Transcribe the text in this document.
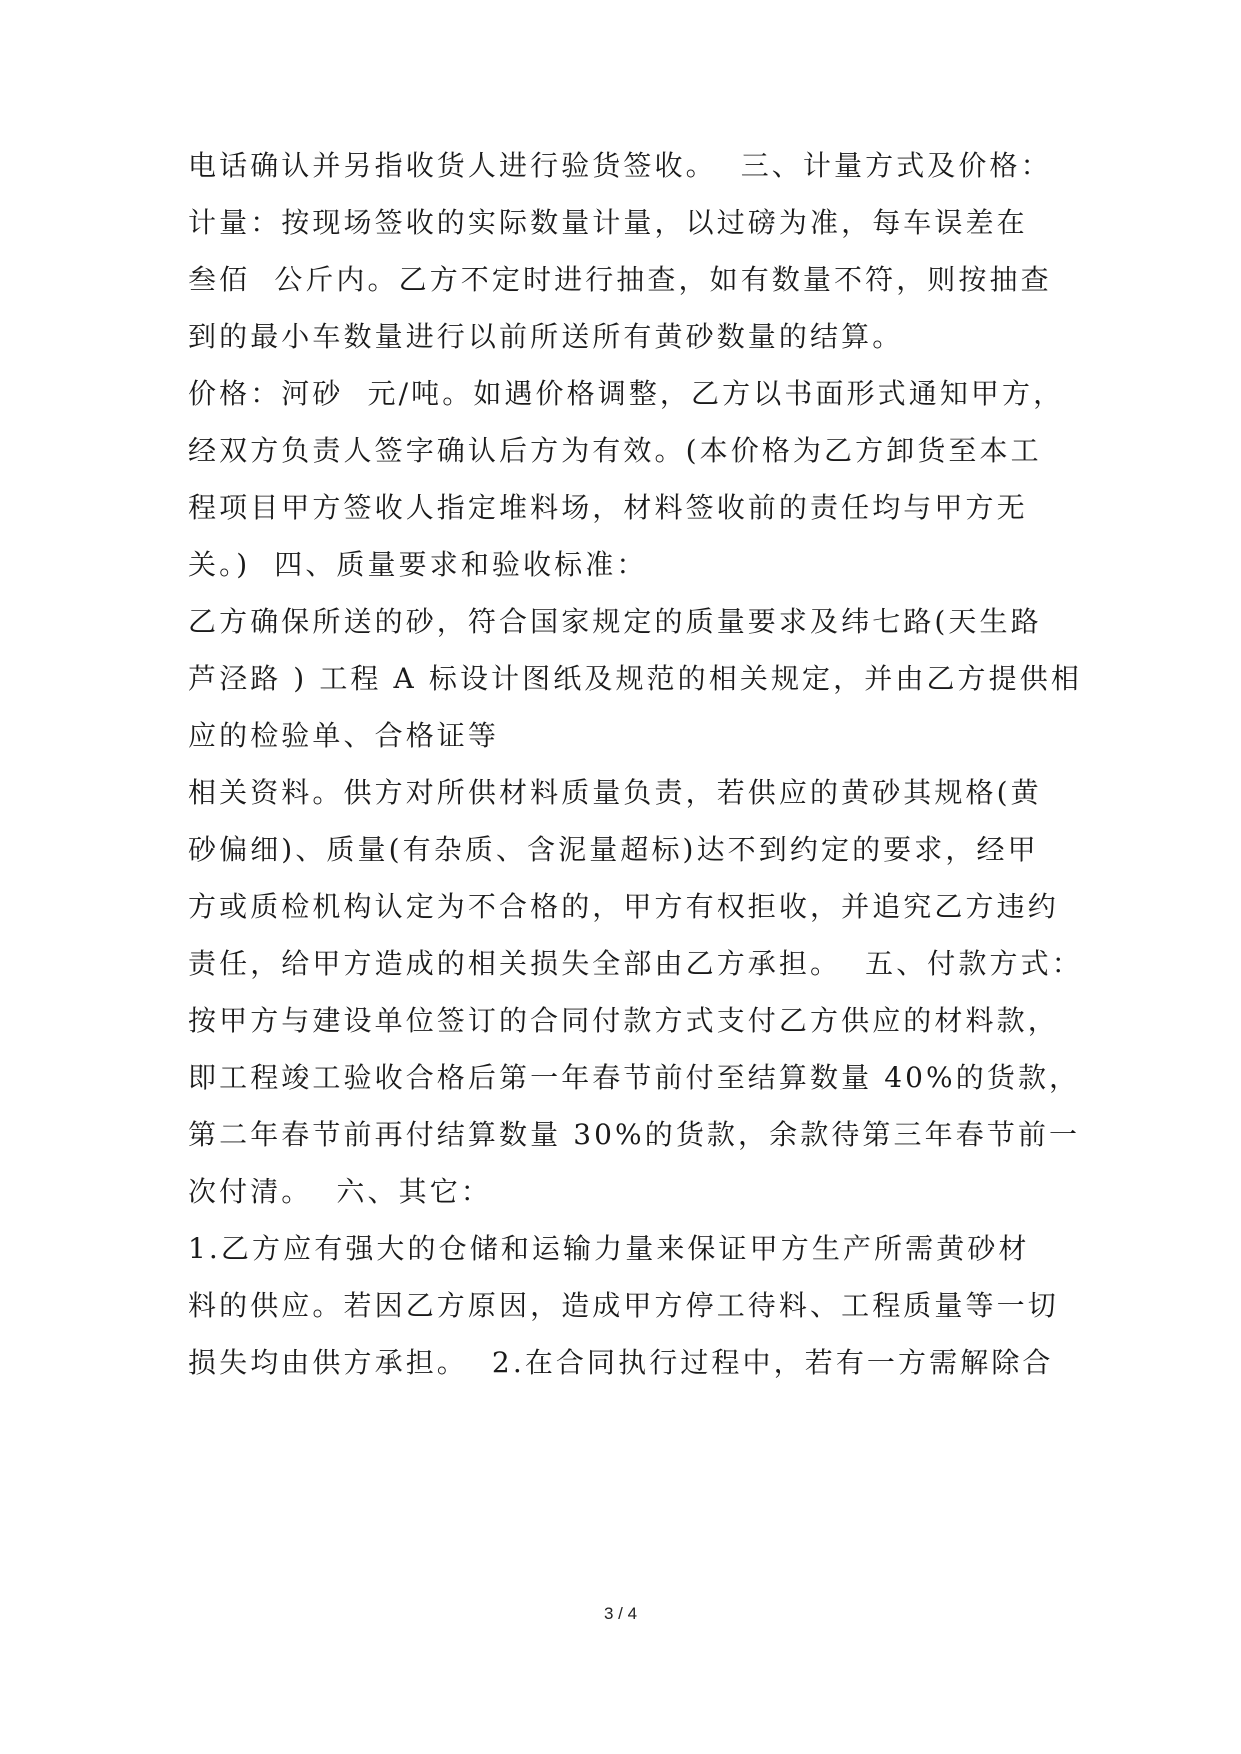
电话确认并另指收货人进行验货签收。  三、计量方式及价格：
计量：按现场签收的实际数量计量，以过磅为准，每车误差在
叁佰  公斤内。乙方不定时进行抽查，如有数量不符，则按抽查
到的最小车数量进行以前所送所有黄砂数量的结算。
价格：河砂  元/吨。如遇价格调整，乙方以书面形式通知甲方，
经双方负责人签字确认后方为有效。(本价格为乙方卸货至本工
程项目甲方签收人指定堆料场，材料签收前的责任均与甲方无
关。)  四、质量要求和验收标准：
乙方确保所送的砂，符合国家规定的质量要求及纬七路(天生路
芦泾路 ) 工程 A 标设计图纸及规范的相关规定，并由乙方提供相
应的检验单、合格证等
相关资料。供方对所供材料质量负责，若供应的黄砂其规格(黄
砂偏细)、质量(有杂质、含泥量超标)达不到约定的要求，经甲
方或质检机构认定为不合格的，甲方有权拒收，并追究乙方违约
责任，给甲方造成的相关损失全部由乙方承担。  五、付款方式：
按甲方与建设单位签订的合同付款方式支付乙方供应的材料款，
即工程竣工验收合格后第一年春节前付至结算数量 40%的货款，
第二年春节前再付结算数量 30%的货款，余款待第三年春节前一
次付清。  六、其它：
1.乙方应有强大的仓储和运输力量来保证甲方生产所需黄砂材
料的供应。若因乙方原因，造成甲方停工待料、工程质量等一切
损失均由供方承担。  2.在合同执行过程中，若有一方需解除合
3 / 4
